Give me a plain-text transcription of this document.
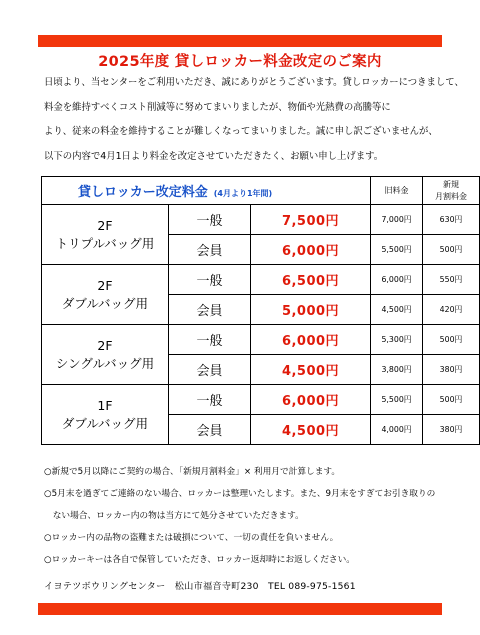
2025年度 貸しロッカー料金改定のご案内
日頃より、当センターをご利用いただき、誠にありがとうございます。貸しロッカーにつきまして、
料金を維持すべくコスト削減等に努めてまいりましたが、物価や光熱費の高騰等に
より、従来の料金を維持することが難しくなってまいりました。誠に申し訳ございませんが、
以下の内容で4月1日より料金を改定させていただきたく、お願い申し上げます。
貸しロッカー改定料金 (4月より1年間)			旧料金	新規
月割料金
2F
トリプルバッグ用	一般	7,500円	7,000円	630円
	会員	6,000円	5,500円	500円
2F
ダブルバッグ用	一般	6,500円	6,000円	550円
	会員	5,000円	4,500円	420円
2F
シングルバッグ用	一般	6,000円	5,300円	500円
	会員	4,500円	3,800円	380円
1F
ダブルバッグ用	一般	6,000円	5,500円	500円
	会員	4,500円	4,000円	380円
○新規で5月以降にご契約の場合、「新規月割料金」× 利用月で計算します。
○5月末を過ぎてご連絡のない場合、ロッカーは整理いたします。また、9月末をすぎてお引き取りの
　ない場合、ロッカー内の物は当方にて処分させていただきます。
○ロッカー内の品物の盗難または破損について、一切の責任を負いません。
○ロッカーキーは各自で保管していただき、ロッカー返却時にお返しください。
イヨテツボウリングセンター　松山市福音寺町230　TEL 089-975-1561
